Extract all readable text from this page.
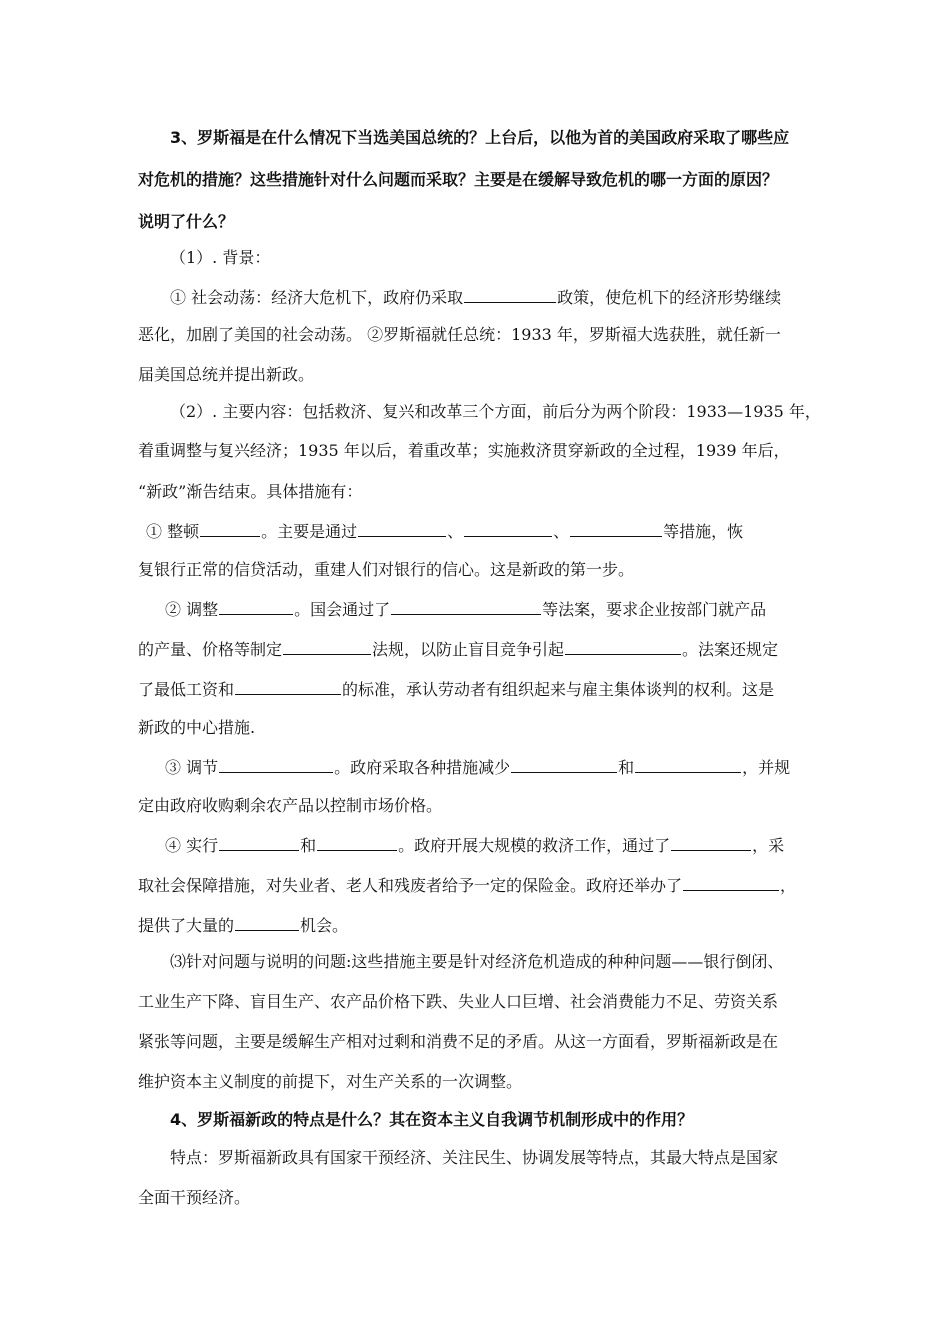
3、罗斯福是在什么情况下当选美国总统的？上台后，以他为首的美国政府采取了哪些应
对危机的措施？这些措施针对什么问题而采取？主要是在缓解导致危机的哪一方面的原因？
说明了什么？
（1）. 背景：
① 社会动荡：经济大危机下，政府仍采取	政策，使危机下的经济形势继续
恶化，加剧了美国的社会动荡。 ②罗斯福就任总统：1933 年，罗斯福大选获胜，就任新一
届美国总统并提出新政。
（2）. 主要内容：包括救济、复兴和改革三个方面，前后分为两个阶段：1933—1935 年，
着重调整与复兴经济；1935 年以后，着重改革；实施救济贯穿新政的全过程，1939 年后，
“新政”渐告结束。具体措施有：
① 整顿	。主要是通过	、	、	等措施，恢
复银行正常的信贷活动，重建人们对银行的信心。这是新政的第一步。
② 调整	。国会通过了	等法案，要求企业按部门就产品
的产量、价格等制定	法规，以防止盲目竞争引起	。法案还规定
了最低工资和	的标准，承认劳动者有组织起来与雇主集体谈判的权利。这是
新政的中心措施.
③ 调节	。政府采取各种措施减少	和	，并规
定由政府收购剩余农产品以控制市场价格。
④ 实行	和	。政府开展大规模的救济工作，通过了	，采
取社会保障措施，对失业者、老人和残废者给予一定的保险金。政府还举办了	，
提供了大量的	机会。
⑶针对问题与说明的问题:这些措施主要是针对经济危机造成的种种问题——银行倒闭、
工业生产下降、盲目生产、农产品价格下跌、失业人口巨增、社会消费能力不足、劳资关系
紧张等问题，主要是缓解生产相对过剩和消费不足的矛盾。从这一方面看，罗斯福新政是在
维护资本主义制度的前提下，对生产关系的一次调整。
4、罗斯福新政的特点是什么？其在资本主义自我调节机制形成中的作用？
特点：罗斯福新政具有国家干预经济、关注民生、协调发展等特点，其最大特点是国家
全面干预经济。
